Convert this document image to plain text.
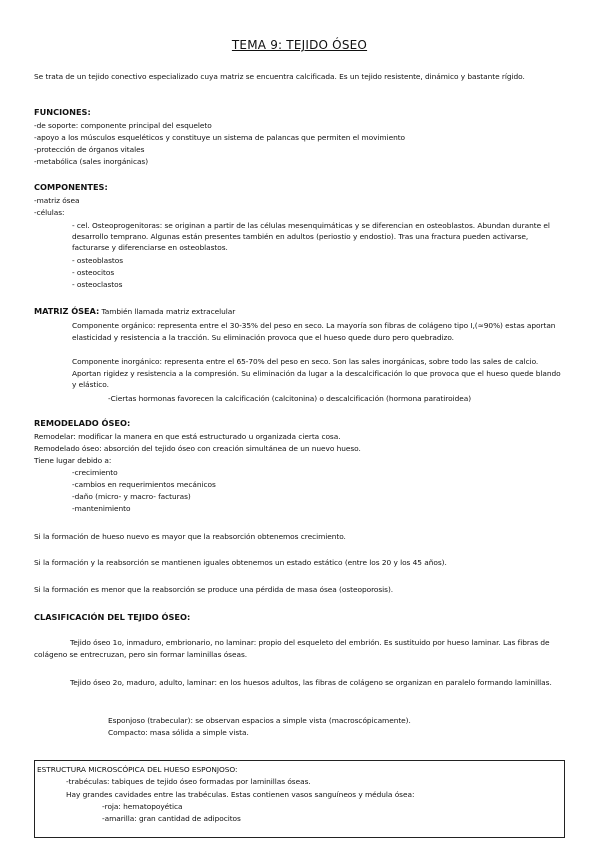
TEMA 9: TEJIDO ÓSEO
Se trata de un tejido conectivo especializado cuya matriz se encuentra calcificada. Es un tejido resistente, dinámico y bastante rígido.
FUNCIONES:
-de soporte: componente principal del esqueleto
-apoyo a los músculos esqueléticos y constituye un sistema de palancas que permiten el movimiento
-protección de órganos vitales
-metabólica (sales inorgánicas)
COMPONENTES:
-matriz ósea
-células:
- cel. Osteoprogenitoras: se originan a partir de las células mesenquimáticas y se diferencian en osteoblastos. Abundan durante el desarrollo temprano. Algunas están presentes también en adultos (periostio y endostio). Tras una fractura pueden activarse, facturarse y diferenciarse en osteoblastos.
- osteoblastos
- osteocitos
- osteoclastos
MATRIZ ÓSEA: También llamada matriz extracelular
Componente orgánico: representa entre el 30-35% del peso en seco. La mayoría son fibras de colágeno tipo I,(≈90%) estas aportan elasticidad y resistencia a la tracción. Su eliminación provoca que el hueso quede duro pero quebradizo.
Componente inorgánico: representa entre el 65-70% del peso en seco. Son las sales inorgánicas, sobre todo las sales de calcio. Aportan rigidez y resistencia a la compresión. Su eliminación da lugar a la descalcificación lo que provoca que el hueso quede blando y elástico.
-Ciertas hormonas favorecen la calcificación (calcitonina) o descalcificación (hormona paratiroidea)
REMODELADO ÓSEO:
Remodelar: modificar la manera en que está estructurado u organizada cierta cosa.
Remodelado óseo: absorción del tejido óseo con creación simultánea de un nuevo hueso.
Tiene lugar debido a:
-crecimiento
-cambios en requerimientos mecánicos
-daño (micro- y macro- facturas)
-mantenimiento
Si la formación de hueso nuevo es mayor que la reabsorción obtenemos crecimiento.
Si la formación y la reabsorción se mantienen iguales obtenemos un estado estático (entre los 20 y los 45 años).
Si la formación es menor que la reabsorción se produce una pérdida de masa ósea (osteoporosis).
CLASIFICACIÓN DEL TEJIDO ÓSEO:
Tejido óseo 1o, inmaduro, embrionario, no laminar: propio del esqueleto del embrión. Es sustituido por hueso laminar. Las fibras de colágeno se entrecruzan, pero sin formar laminillas óseas.
Tejido óseo 2o, maduro, adulto, laminar: en los huesos adultos, las fibras de colágeno se organizan en paralelo formando laminillas.
Esponjoso (trabecular): se observan espacios a simple vista (macroscópicamente).
Compacto: masa sólida a simple vista.
ESTRUCTURA MICROSCÓPICA DEL HUESO ESPONJOSO:
-trabéculas: tabiques de tejido óseo formadas por laminillas óseas.
Hay grandes cavidades entre las trabéculas. Estas contienen vasos sanguíneos y médula ósea:
-roja: hematopoyética
-amarilla: gran cantidad de adipocitos
